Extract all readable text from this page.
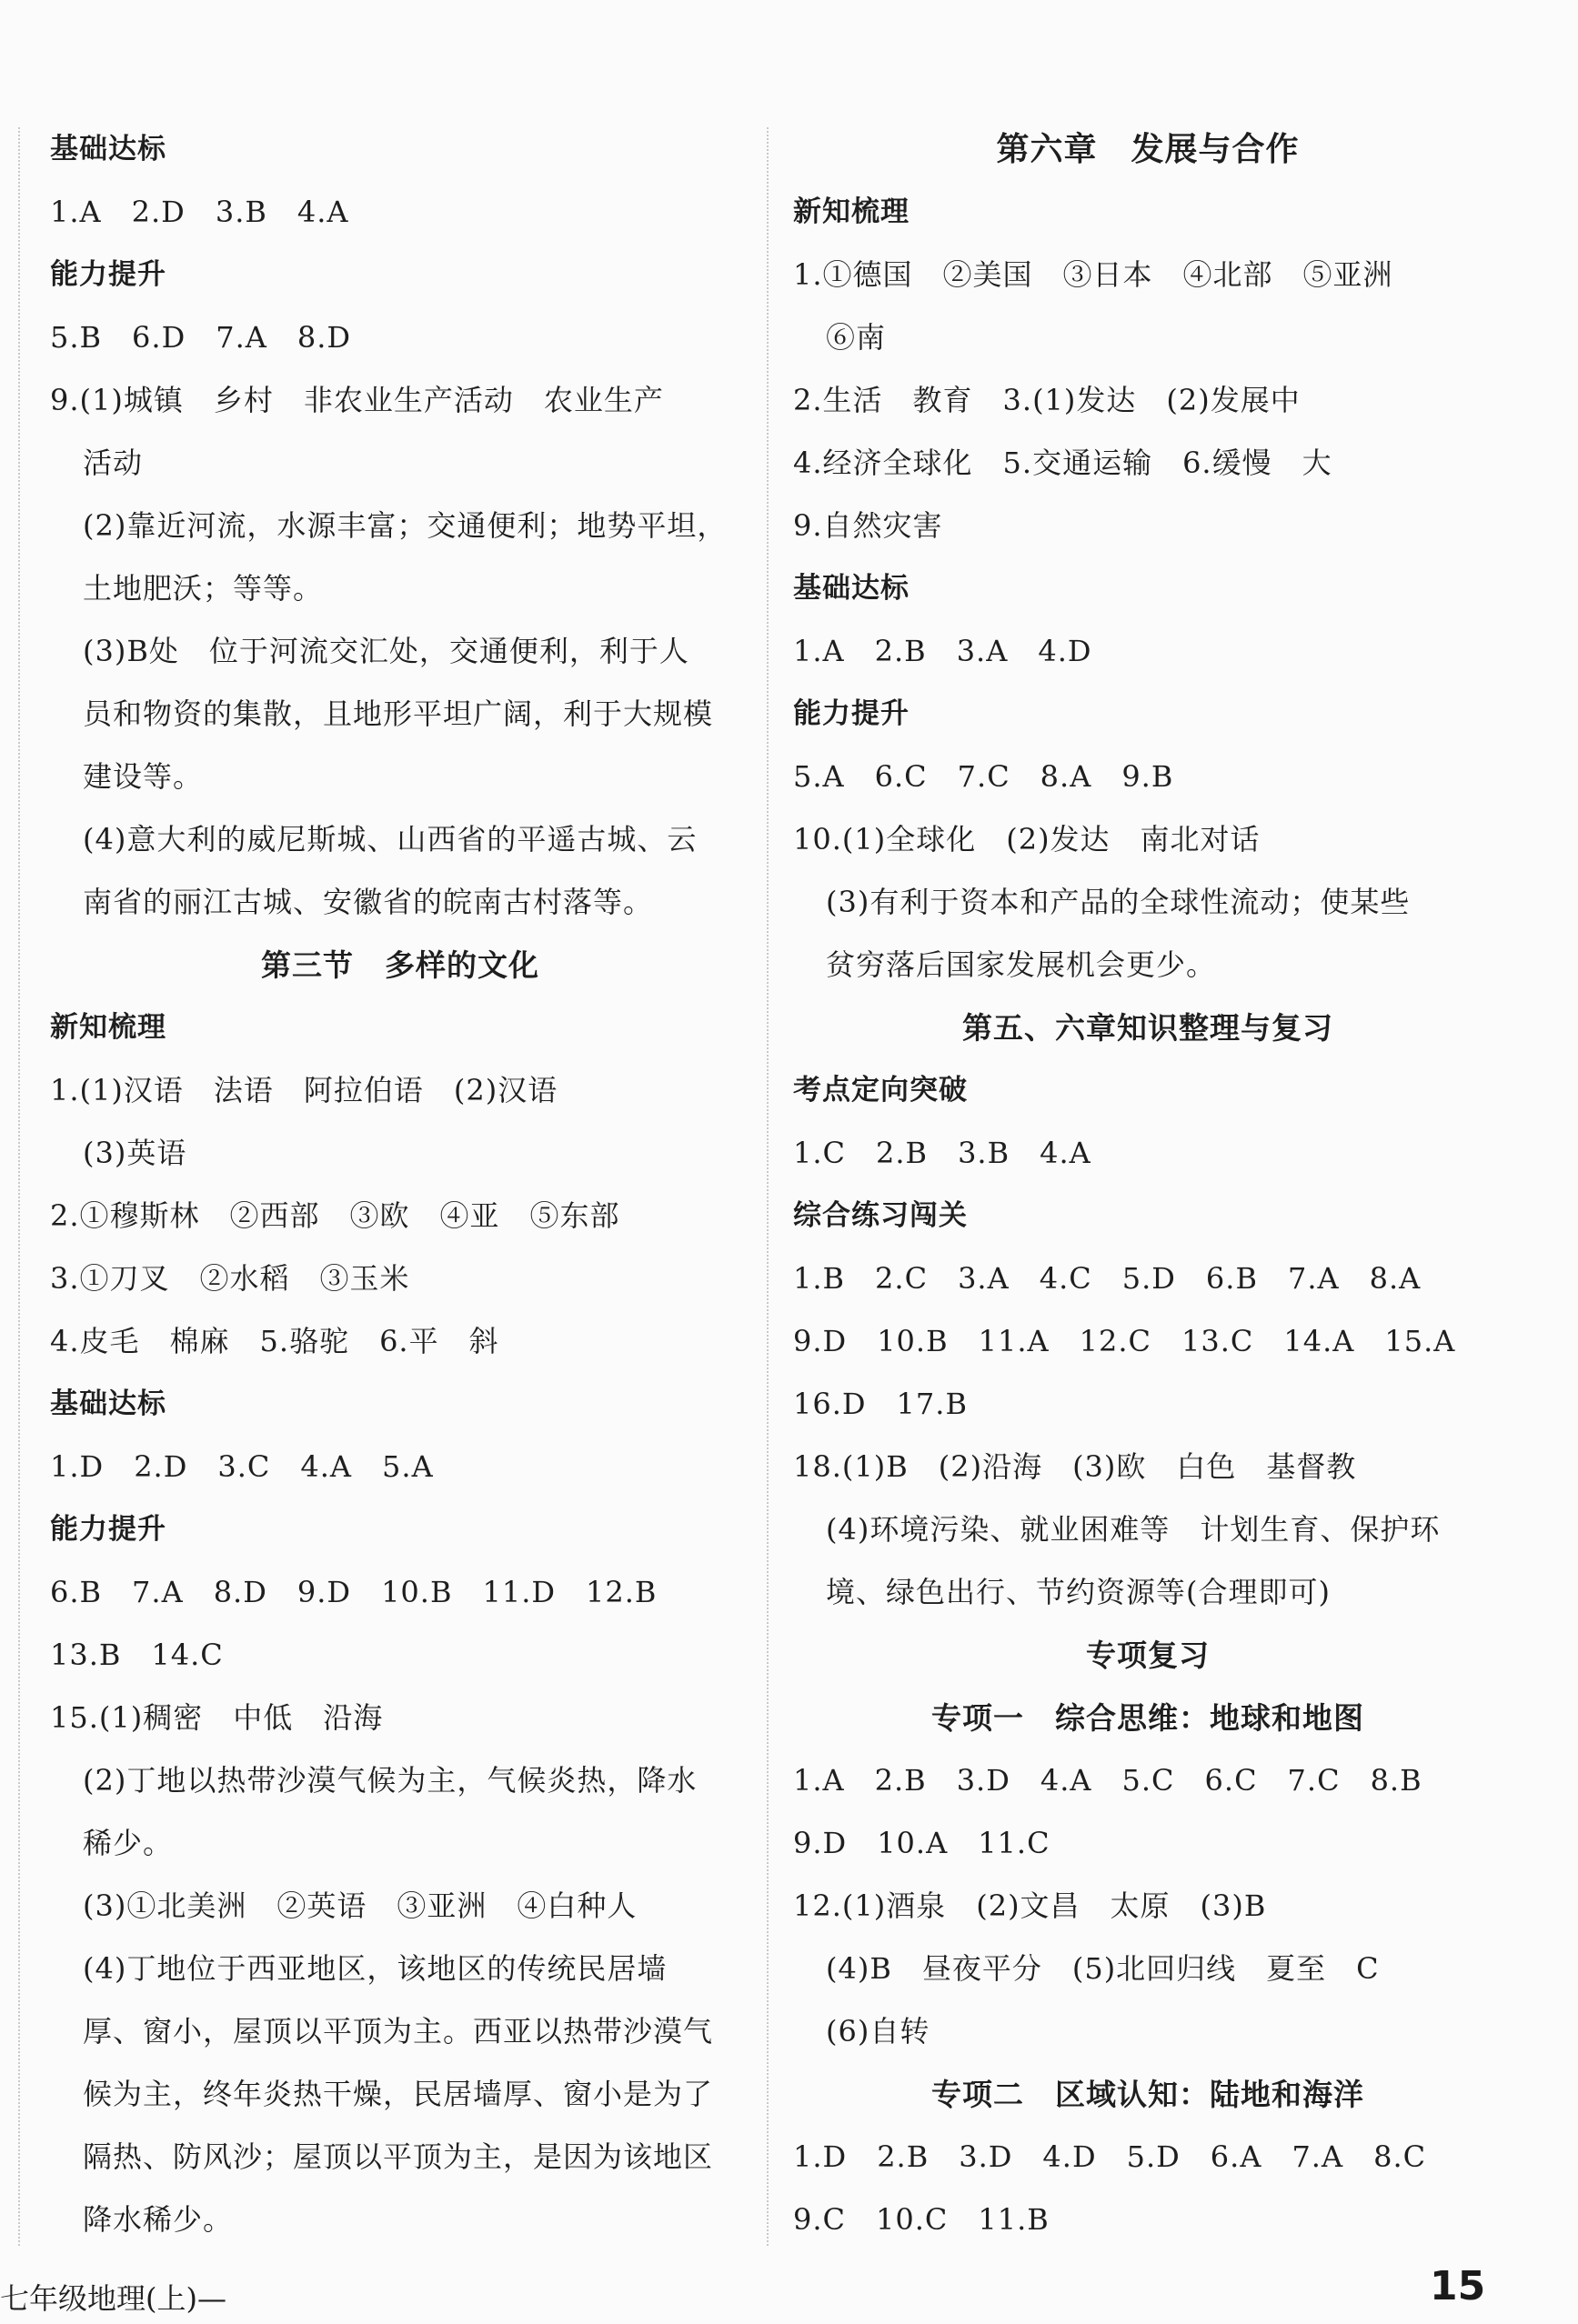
基础达标
1.A　2.D　3.B　4.A
能力提升
5.B　6.D　7.A　8.D
9.(1)城镇　乡村　非农业生产活动　农业生产
活动
(2)靠近河流，水源丰富；交通便利；地势平坦，
土地肥沃；等等。
(3)B处　位于河流交汇处，交通便利，利于人
员和物资的集散，且地形平坦广阔，利于大规模
建设等。
(4)意大利的威尼斯城、山西省的平遥古城、云
南省的丽江古城、安徽省的皖南古村落等。
第三节　多样的文化
新知梳理
1.(1)汉语　法语　阿拉伯语　(2)汉语
(3)英语
2.①穆斯林　②西部　③欧　④亚　⑤东部
3.①刀叉　②水稻　③玉米
4.皮毛　棉麻　5.骆驼　6.平　斜
基础达标
1.D　2.D　3.C　4.A　5.A
能力提升
6.B　7.A　8.D　9.D　10.B　11.D　12.B
13.B　14.C
15.(1)稠密　中低　沿海
(2)丁地以热带沙漠气候为主，气候炎热，降水
稀少。
(3)①北美洲　②英语　③亚洲　④白种人
(4)丁地位于西亚地区，该地区的传统民居墙
厚、窗小，屋顶以平顶为主。西亚以热带沙漠气
候为主，终年炎热干燥，民居墙厚、窗小是为了
隔热、防风沙；屋顶以平顶为主，是因为该地区
降水稀少。
第六章　发展与合作
新知梳理
1.①德国　②美国　③日本　④北部　⑤亚洲
⑥南
2.生活　教育　3.(1)发达　(2)发展中
4.经济全球化　5.交通运输　6.缓慢　大
9.自然灾害
基础达标
1.A　2.B　3.A　4.D
能力提升
5.A　6.C　7.C　8.A　9.B
10.(1)全球化　(2)发达　南北对话
(3)有利于资本和产品的全球性流动；使某些
贫穷落后国家发展机会更少。
第五、六章知识整理与复习
考点定向突破
1.C　2.B　3.B　4.A
综合练习闯关
1.B　2.C　3.A　4.C　5.D　6.B　7.A　8.A
9.D　10.B　11.A　12.C　13.C　14.A　15.A
16.D　17.B
18.(1)B　(2)沿海　(3)欧　白色　基督教
(4)环境污染、就业困难等　计划生育、保护环
境、绿色出行、节约资源等(合理即可)
专项复习
专项一　综合思维：地球和地图
1.A　2.B　3.D　4.A　5.C　6.C　7.C　8.B
9.D　10.A　11.C
12.(1)酒泉　(2)文昌　太原　(3)B
(4)B　昼夜平分　(5)北回归线　夏至　C
(6)自转
专项二　区域认知：陆地和海洋
1.D　2.B　3.D　4.D　5.D　6.A　7.A　8.C
9.C　10.C　11.B
七年级地理(上)—	15
